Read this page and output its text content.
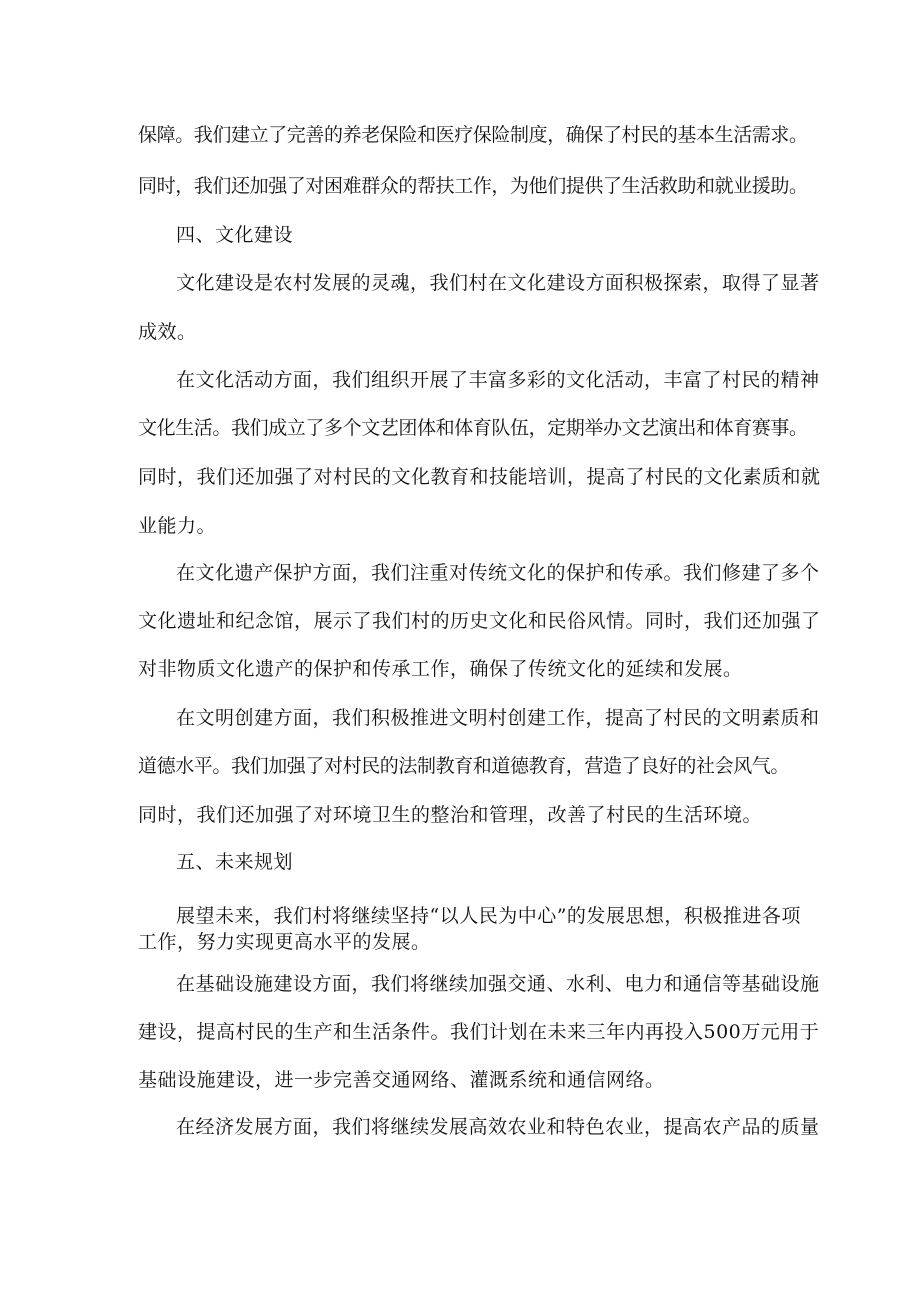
保障。我们建立了完善的养老保险和医疗保险制度，确保了村民的基本生活需求。
同时，我们还加强了对困难群众的帮扶工作，为他们提供了生活救助和就业援助。
四、文化建设
文化建设是农村发展的灵魂，我们村在文化建设方面积极探索，取得了显著
成效。
在文化活动方面，我们组织开展了丰富多彩的文化活动，丰富了村民的精神
文化生活。我们成立了多个文艺团体和体育队伍，定期举办文艺演出和体育赛事。
同时，我们还加强了对村民的文化教育和技能培训，提高了村民的文化素质和就
业能力。
在文化遗产保护方面，我们注重对传统文化的保护和传承。我们修建了多个
文化遗址和纪念馆，展示了我们村的历史文化和民俗风情。同时，我们还加强了
对非物质文化遗产的保护和传承工作，确保了传统文化的延续和发展。
在文明创建方面，我们积极推进文明村创建工作，提高了村民的文明素质和
道德水平。我们加强了对村民的法制教育和道德教育，营造了良好的社会风气。
同时，我们还加强了对环境卫生的整治和管理，改善了村民的生活环境。
五、未来规划
展望未来，我们村将继续坚持“以人民为中心”的发展思想，积极推进各项
工作，努力实现更高水平的发展。
在基础设施建设方面，我们将继续加强交通、水利、电力和通信等基础设施
建设，提高村民的生产和生活条件。我们计划在未来三年内再投入500万元用于
基础设施建设，进一步完善交通网络、灌溉系统和通信网络。
在经济发展方面，我们将继续发展高效农业和特色农业，提高农产品的质量
